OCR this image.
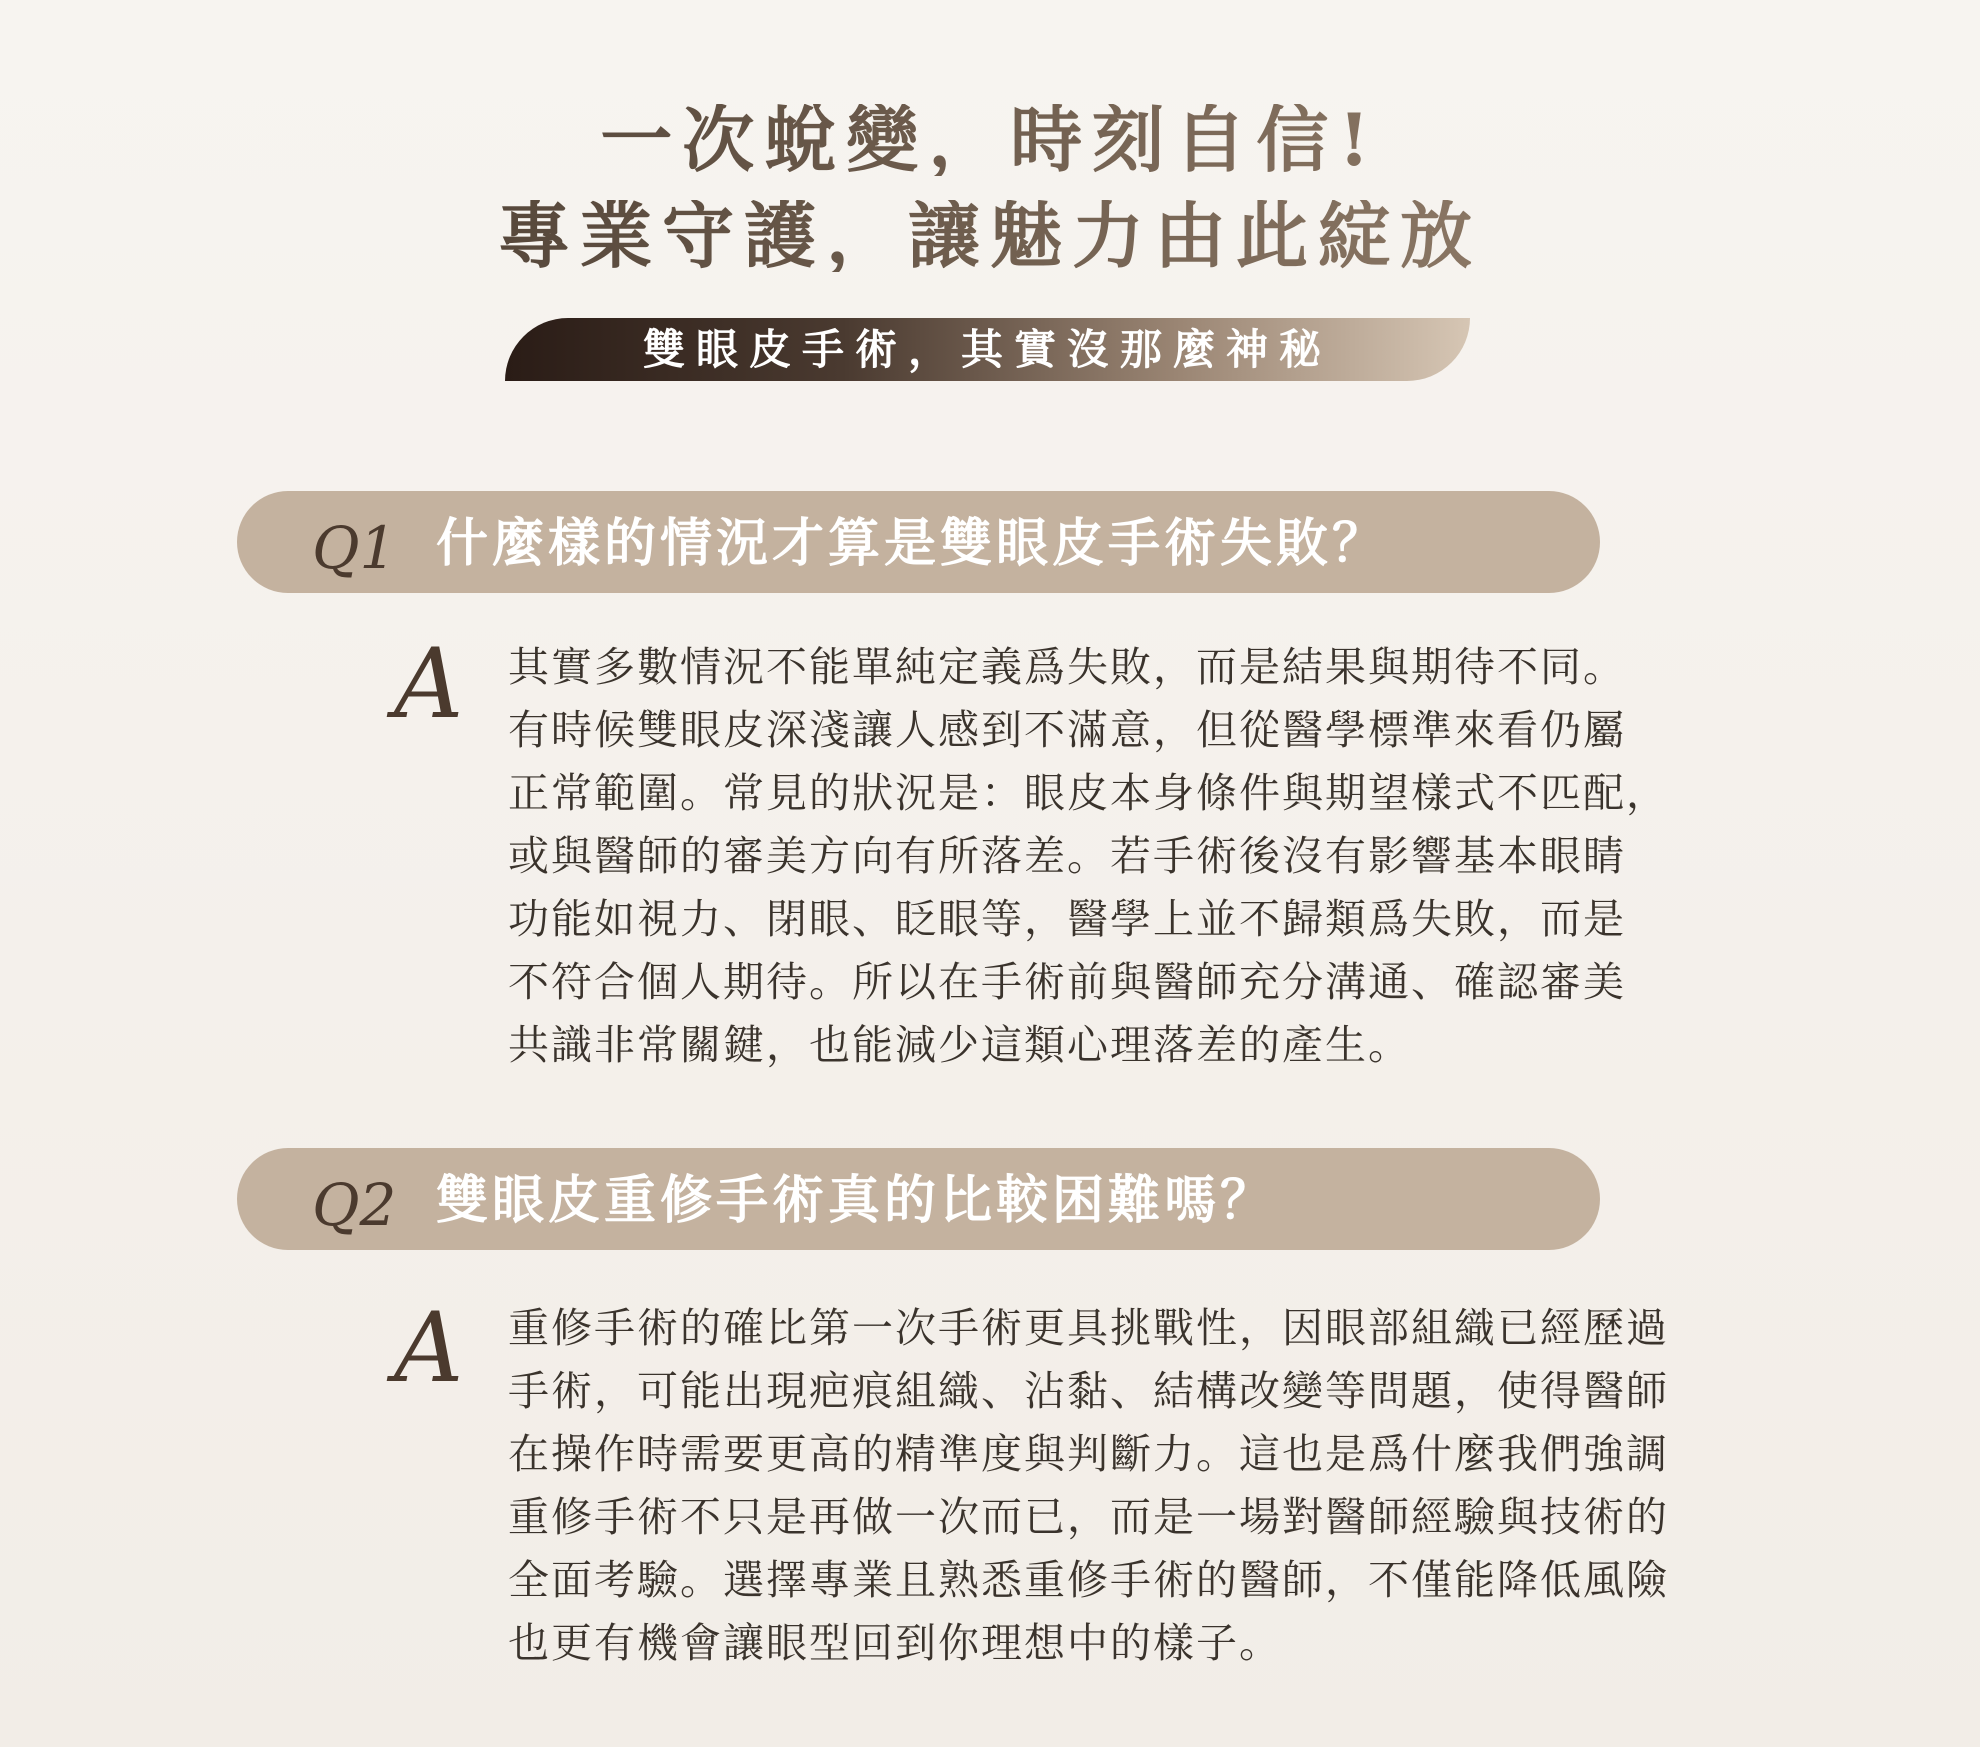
一次蛻變，時刻自信!
專業守護，讓魅力由此綻放
雙眼皮手術，其實沒那麼神秘
Q1 什麼樣的情況才算是雙眼皮手術失敗？
A 其實多數情況不能單純定義爲失敗，而是結果與期待不同。
有時候雙眼皮深淺讓人感到不滿意，但從醫學標準來看仍屬
正常範圍。常見的狀況是：眼皮本身條件與期望樣式不匹配，
或與醫師的審美方向有所落差。若手術後沒有影響基本眼睛
功能如視力、閉眼、眨眼等，醫學上並不歸類爲失敗，而是
不符合個人期待。所以在手術前與醫師充分溝通、確認審美
共識非常關鍵，也能減少這類心理落差的產生。
Q2 雙眼皮重修手術真的比較困難嗎？
A 重修手術的確比第一次手術更具挑戰性，因眼部組織已經歷過
手術，可能出現疤痕組織、沾黏、結構改變等問題，使得醫師
在操作時需要更高的精準度與判斷力。這也是爲什麼我們強調
重修手術不只是再做一次而已，而是一場對醫師經驗與技術的
全面考驗。選擇專業且熟悉重修手術的醫師，不僅能降低風險
也更有機會讓眼型回到你理想中的樣子。
